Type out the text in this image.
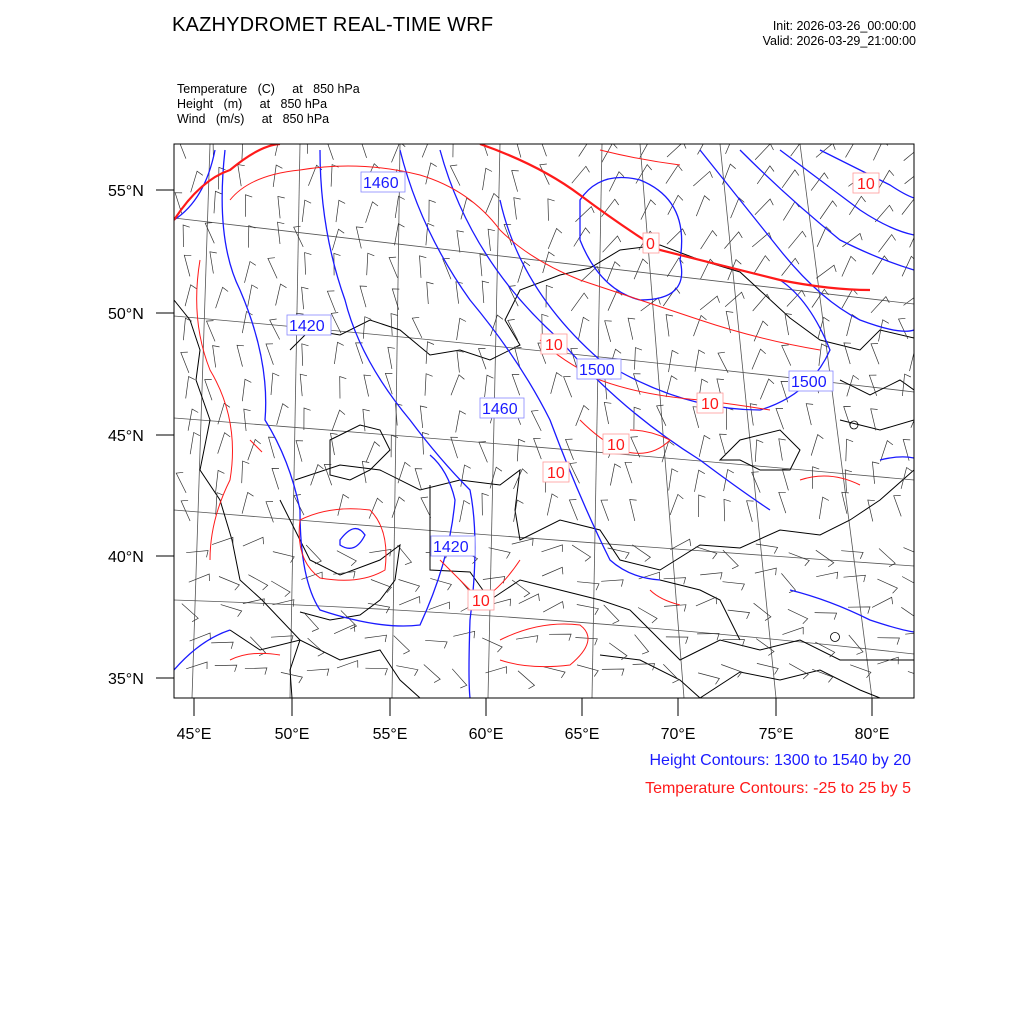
KAZHYDROMET REAL-TIME WRF	Init: 2026-03-26_00:00:00
Valid: 2026-03-29_21:00:00
Temperature   (C)     at   850 hPa
Height   (m)     at   850 hPa
Wind   (m/s)     at   850 hPa
55°N
50°N
45°N
40°N
35°N
45°E	50°E	55°E	60°E	65°E	70°E	75°E	80°E
1460
1420
1460
1500
1500
1420
10
0
10
10
10
10
10
Height Contours: 1300 to 1540 by 20
Temperature Contours: -25 to 25 by 5
